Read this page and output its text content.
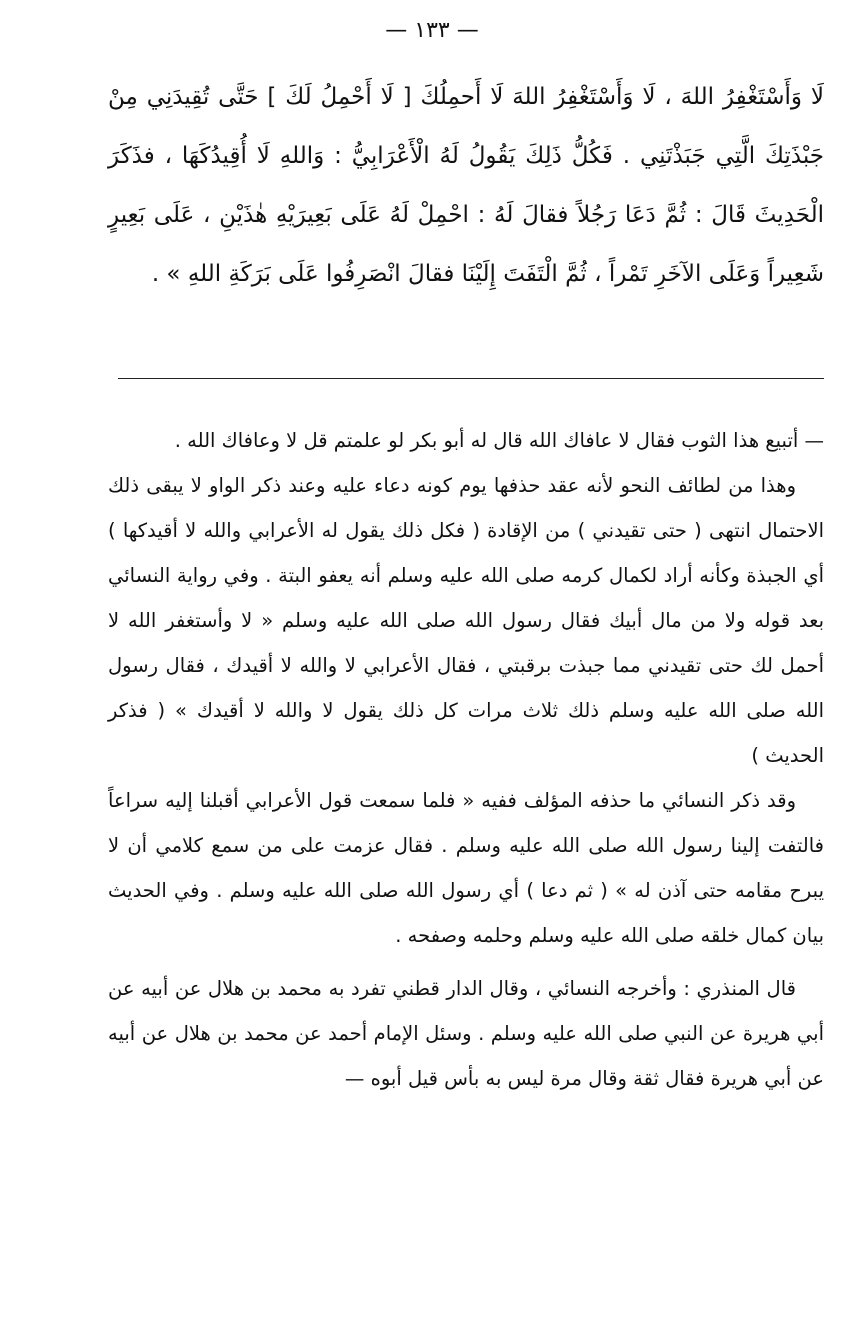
— ١٣٣ —

لَا وَأَسْتَغْفِرُ اللهَ ، لَا وَأَسْتَغْفِرُ اللهَ لَا أَحمِلُكَ [ لَا أَحْمِلُ لَكَ ] حَتَّى تُقِيدَنِي مِنْ جَبْذَتِكَ الَّتِي جَبَذْتَنِي . فَكُلُّ ذَلِكَ يَقُولُ لَهُ الْأَعْرَابِيُّ : وَاللهِ لَا أُقِيدُكَهَا ، فذَكَرَ الْحَدِيثَ قَالَ : ثُمَّ دَعَا رَجُلاً فقالَ لَهُ : احْمِلْ لَهُ عَلَى بَعِيرَيْهِ هٰذَيْنِ ، عَلَى بَعِيرٍ شَعِيراً وَعَلَى الآخَرِ تَمْراً ، ثُمَّ الْتَفَتَ إِلَيْنَا فقالَ انْصَرِفُوا عَلَى بَرَكَةِ اللهِ » .

— أتبيع هذا الثوب فقال لا عافاك الله قال له أبو بكر لو علمتم قل لا وعافاك الله .

وهذا من لطائف النحو لأنه عقد حذفها يوم كونه دعاء عليه وعند ذكر الواو لا يبقى ذلك الاحتمال انتهى ( حتى تقيدني ) من الإقادة ( فكل ذلك يقول له الأعرابي والله لا أقيدكها ) أي الجبذة وكأنه أراد لكمال كرمه صلى الله عليه وسلم أنه يعفو البتة . وفي رواية النسائي بعد قوله ولا من مال أبيك فقال رسول الله صلى الله عليه وسلم « لا وأستغفر الله لا أحمل لك حتى تقيدني مما جبذت برقبتي ، فقال الأعرابي لا والله لا أقيدك ، فقال رسول الله صلى الله عليه وسلم ذلك ثلاث مرات كل ذلك يقول لا والله لا أقيدك » ( فذكر الحديث )

وقد ذكر النسائي ما حذفه المؤلف ففيه « فلما سمعت قول الأعرابي أقبلنا إليه سراعاً فالتفت إلينا رسول الله صلى الله عليه وسلم . فقال عزمت على من سمع كلامي أن لا يبرح مقامه حتى آذن له » ( ثم دعا ) أي رسول الله صلى الله عليه وسلم . وفي الحديث بيان كمال خلقه صلى الله عليه وسلم وحلمه وصفحه .

قال المنذري : وأخرجه النسائي ، وقال الدار قطني تفرد به محمد بن هلال عن أبيه عن أبي هريرة عن النبي صلى الله عليه وسلم . وسئل الإمام أحمد عن محمد بن هلال عن أبيه عن أبي هريرة فقال ثقة وقال مرة ليس به بأس قيل أبوه —
